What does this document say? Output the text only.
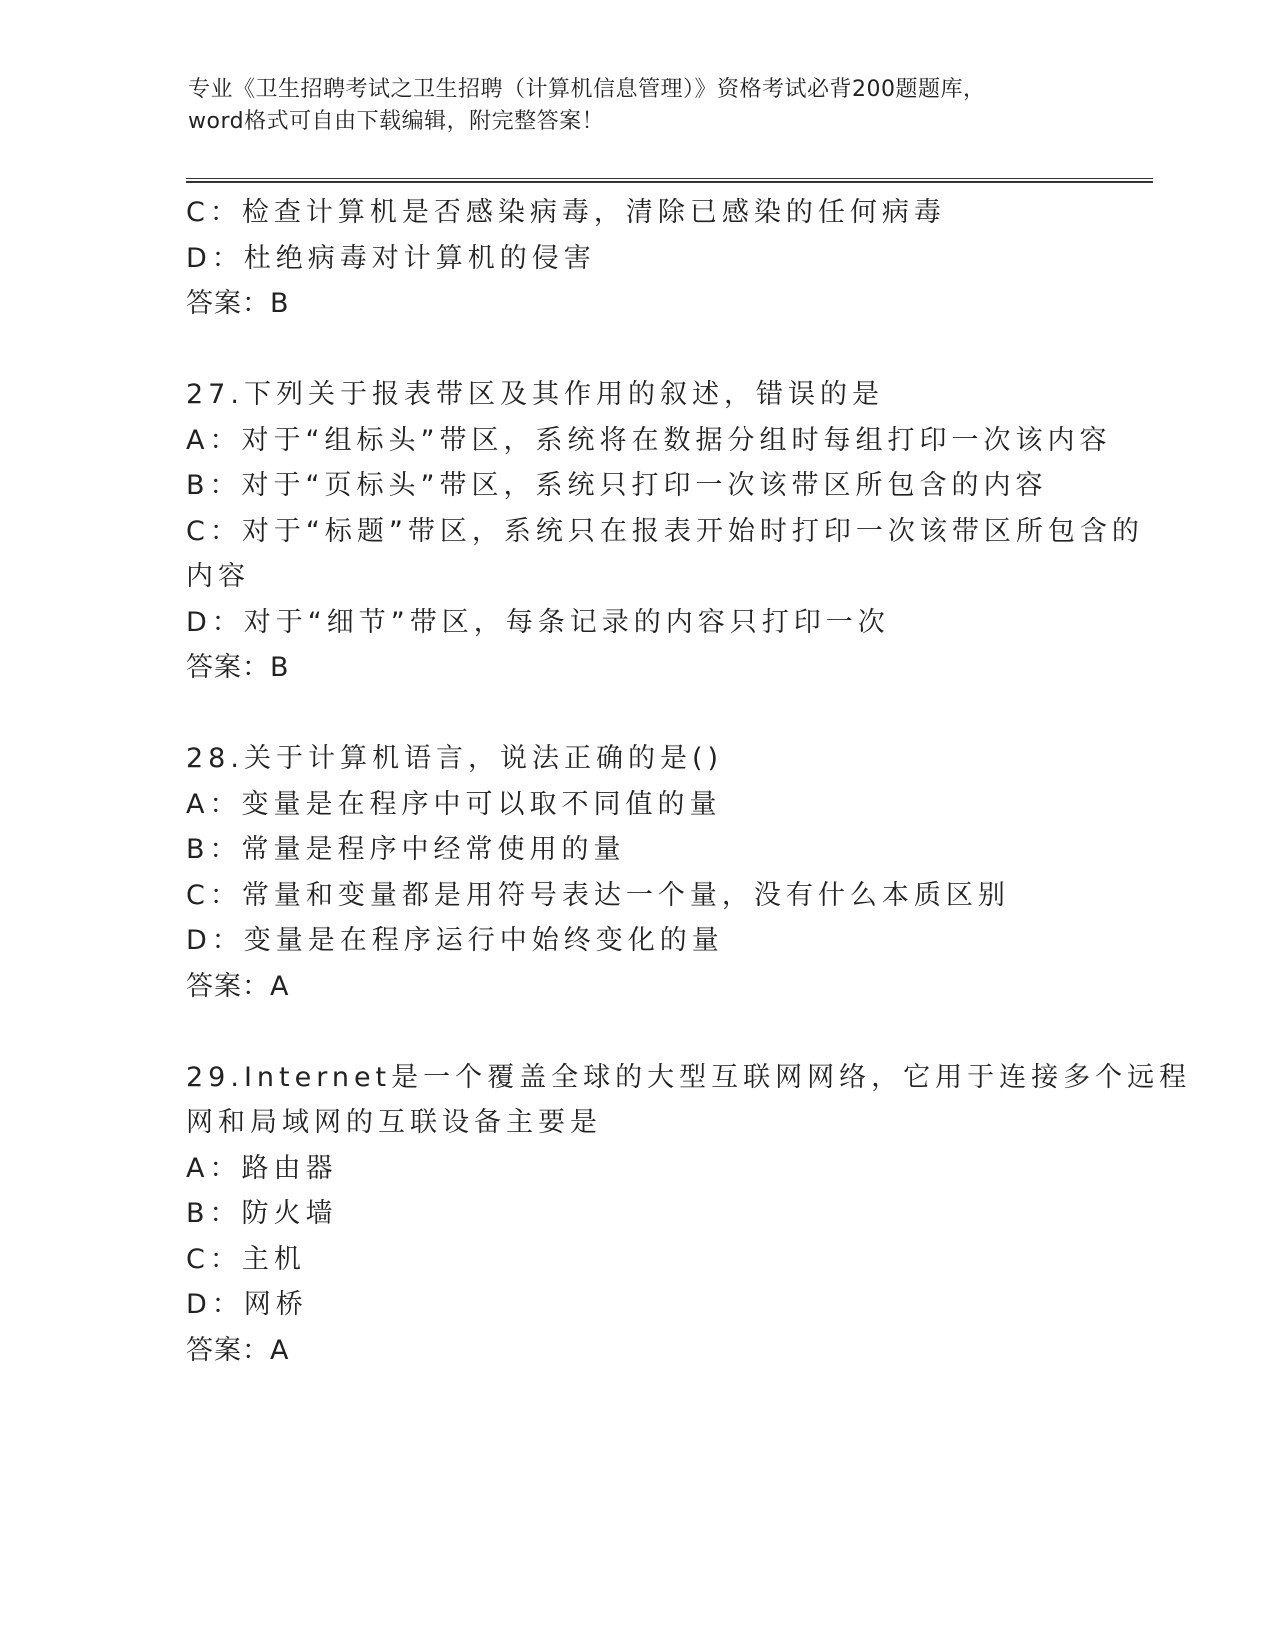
专业《卫生招聘考试之卫生招聘（计算机信息管理）》资格考试必背200题题库，
word格式可自由下载编辑，附完整答案！
C：检查计算机是否感染病毒，清除已感染的任何病毒
D：杜绝病毒对计算机的侵害
答案：B
27.下列关于报表带区及其作用的叙述，错误的是
A：对于“组标头”带区，系统将在数据分组时每组打印一次该内容
B：对于“页标头”带区，系统只打印一次该带区所包含的内容
C：对于“标题”带区，系统只在报表开始时打印一次该带区所包含的
内容
D：对于“细节”带区，每条记录的内容只打印一次
答案：B
28.关于计算机语言，说法正确的是()
A：变量是在程序中可以取不同值的量
B：常量是程序中经常使用的量
C：常量和变量都是用符号表达一个量，没有什么本质区别
D：变量是在程序运行中始终变化的量
答案：A
29.Internet是一个覆盖全球的大型互联网网络，它用于连接多个远程
网和局域网的互联设备主要是
A：路由器
B：防火墙
C：主机
D：网桥
答案：A
